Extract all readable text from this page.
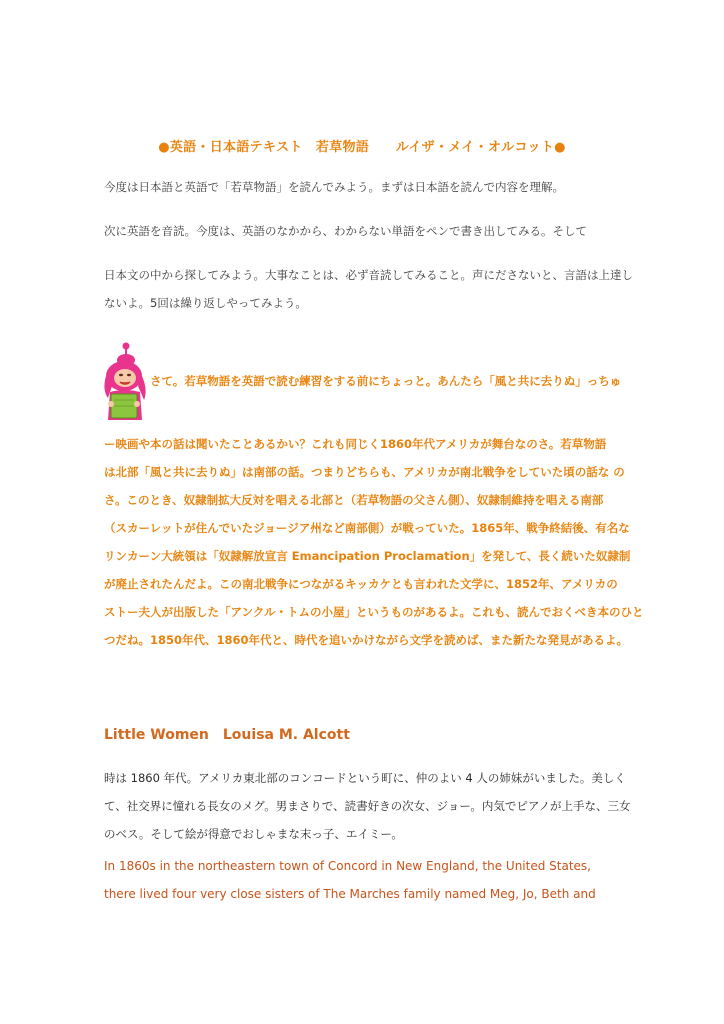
●英語・日本語テキスト　若草物語　　ルイザ・メイ・オルコット●
今度は日本語と英語で「若草物語」を読んでみよう。まずは日本語を読んで内容を理解。
次に英語を音読。今度は、英語のなかから、わからない単語をペンで書き出してみる。そして
日本文の中から探してみよう。大事なことは、必ず音読してみること。声にださないと、言語は上達し
ないよ。5回は繰り返しやってみよう。
さて。若草物語を英語で読む練習をする前にちょっと。あんたら「風と共に去りぬ」っちゅ
ー映画や本の話は聞いたことあるかい？これも同じく1860年代アメリカが舞台なのさ。若草物語
は北部「風と共に去りぬ」は南部の話。つまりどちらも、アメリカが南北戦争をしていた頃の話な の
さ。このとき、奴隷制拡大反対を唱える北部と（若草物語の父さん側）、奴隷制維持を唱える南部
（スカーレットが住んでいたジョージア州など南部側）が戦っていた。1865年、戦争終結後、有名な
リンカーン大統領は「奴隷解放宣言 Emancipation Proclamation」を発して、長く続いた奴隷制
が廃止されたんだよ。この南北戦争につながるキッカケとも言われた文学に、1852年、アメリカの
ストー夫人が出版した「アンクル・トムの小屋」というものがあるよ。これも、読んでおくべき本のひと
つだね。1850年代、1860年代と、時代を追いかけながら文学を読めば、また新たな発見があるよ。
Little Women　Louisa M. Alcott
時は 1860 年代。アメリカ東北部のコンコードという町に、仲のよい 4 人の姉妹がいました。美しく
て、社交界に憧れる長女のメグ。男まさりで、読書好きの次女、ジョー。内気でピアノが上手な、三女
のベス。そして絵が得意でおしゃまな末っ子、エイミー。
In 1860s in the northeastern town of Concord in New England, the United States,
there lived four very close sisters of The Marches family named Meg, Jo, Beth and
